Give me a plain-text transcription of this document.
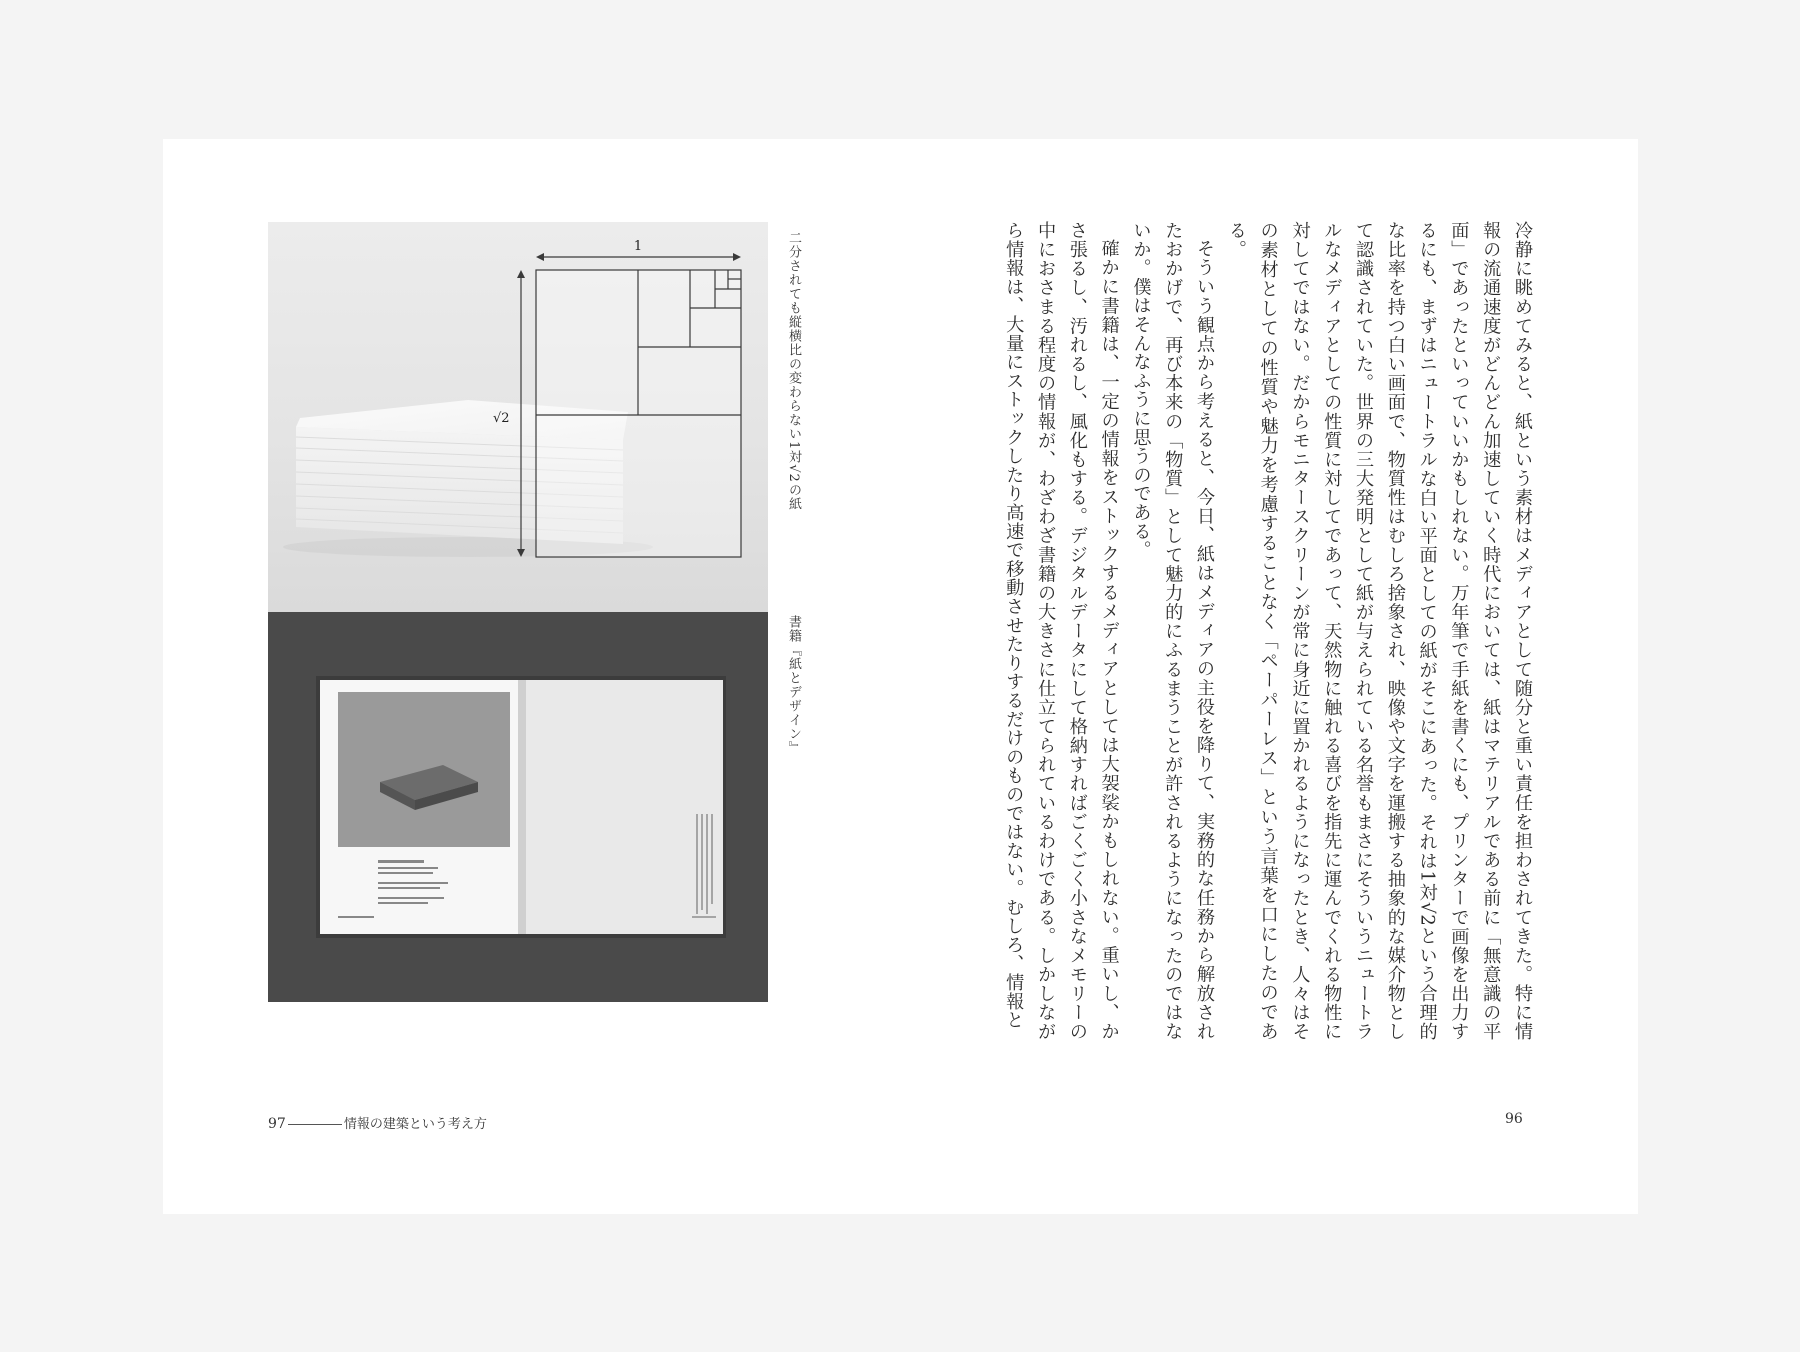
1
√2	二分されても縦横比の変わらない1対√2の紙
書籍『紙とデザイン』	冷静に眺めてみると、紙という素材はメディアとして随分と重い責任を担わされてきた。特に情報の流通速度がどんどん加速していく時代においては、紙はマテリアルである前に「無意識の平面」であったといっていいかもしれない。万年筆で手紙を書くにも、プリンターで画像を出力するにも、まずはニュートラルな白い平面としての紙がそこにあった。それは1対√2という合理的な比率を持つ白い画面で、物質性はむしろ捨象され、映像や文字を運搬する抽象的な媒介物として認識されていた。世界の三大発明として紙が与えられている名誉もまさにそういうニュートラルなメディアとしての性質に対してであって、天然物に触れる喜びを指先に運んでくれる物性に対してではない。だからモニタースクリーンが常に身近に置かれるようになったとき、人々はその素材としての性質や魅力を考慮することなく「ペーパーレス」という言葉を口にしたのである。

そういう観点から考えると、今日、紙はメディアの主役を降りて、実務的な任務から解放されたおかげで、再び本来の「物質」として魅力的にふるまうことが許されるようになったのではないか。僕はそんなふうに思うのである。

確かに書籍は、一定の情報をストックするメディアとしては大袈裟かもしれない。重いし、かさ張るし、汚れるし、風化もする。デジタルデータにして格納すればごくごく小さなメモリーの中におさまる程度の情報が、わざわざ書籍の大きさに仕立てられているわけである。しかしながら情報は、大量にストックしたり高速で移動させたりするだけのものではない。むしろ、情報と

97	情報の建築という考え方	96
